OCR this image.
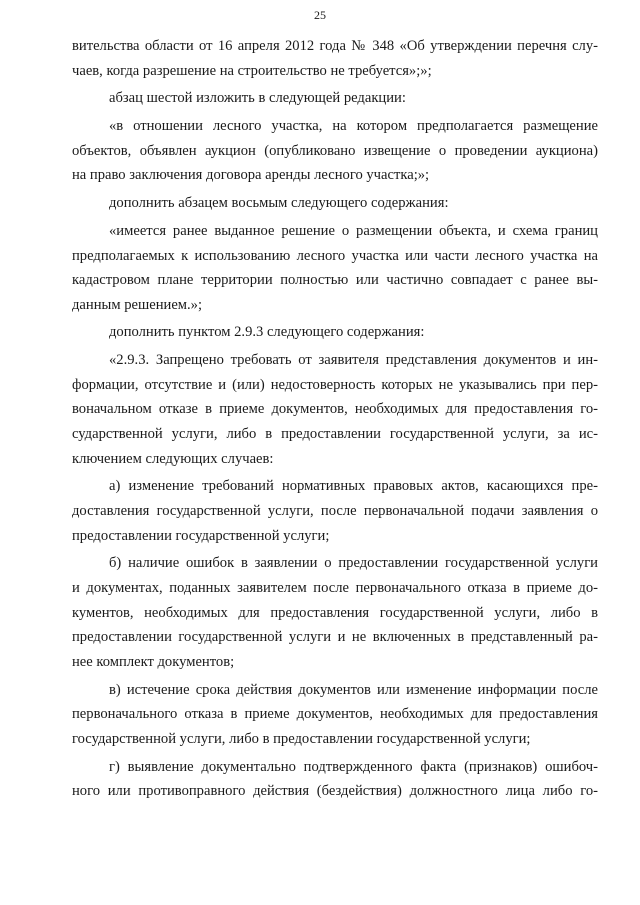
25

вительства области от 16 апреля 2012 года № 348 «Об утверждении перечня слу-
чаев, когда разрешение на строительство не требуется»;»;

абзац шестой изложить в следующей редакции:

«в отношении лесного участка, на котором предполагается размещение
объектов, объявлен аукцион (опубликовано извещение о проведении аукциона)
на право заключения договора аренды лесного участка;»;

дополнить абзацем восьмым следующего содержания:

«имеется ранее выданное решение о размещении объекта, и схема границ
предполагаемых к использованию лесного участка или части лесного участка на
кадастровом плане территории полностью или частично совпадает с ранее вы-
данным решением.»;

дополнить пунктом 2.9.3 следующего содержания:

«2.9.3. Запрещено требовать от заявителя представления документов и ин-
формации, отсутствие и (или) недостоверность которых не указывались при пер-
воначальном отказе в приеме документов, необходимых для предоставления го-
сударственной услуги, либо в предоставлении государственной услуги, за ис-
ключением следующих случаев:

а) изменение требований нормативных правовых актов, касающихся пре-
доставления государственной услуги, после первоначальной подачи заявления о
предоставлении государственной услуги;

б) наличие ошибок в заявлении о предоставлении государственной услуги
и документах, поданных заявителем после первоначального отказа в приеме до-
кументов, необходимых для предоставления государственной услуги, либо в
предоставлении государственной услуги и не включенных в представленный ра-
нее комплект документов;

в) истечение срока действия документов или изменение информации после
первоначального отказа в приеме документов, необходимых для предоставления
государственной услуги, либо в предоставлении государственной услуги;

г) выявление документально подтвержденного факта (признаков) ошибоч-
ного или противоправного действия (бездействия) должностного лица либо го-
